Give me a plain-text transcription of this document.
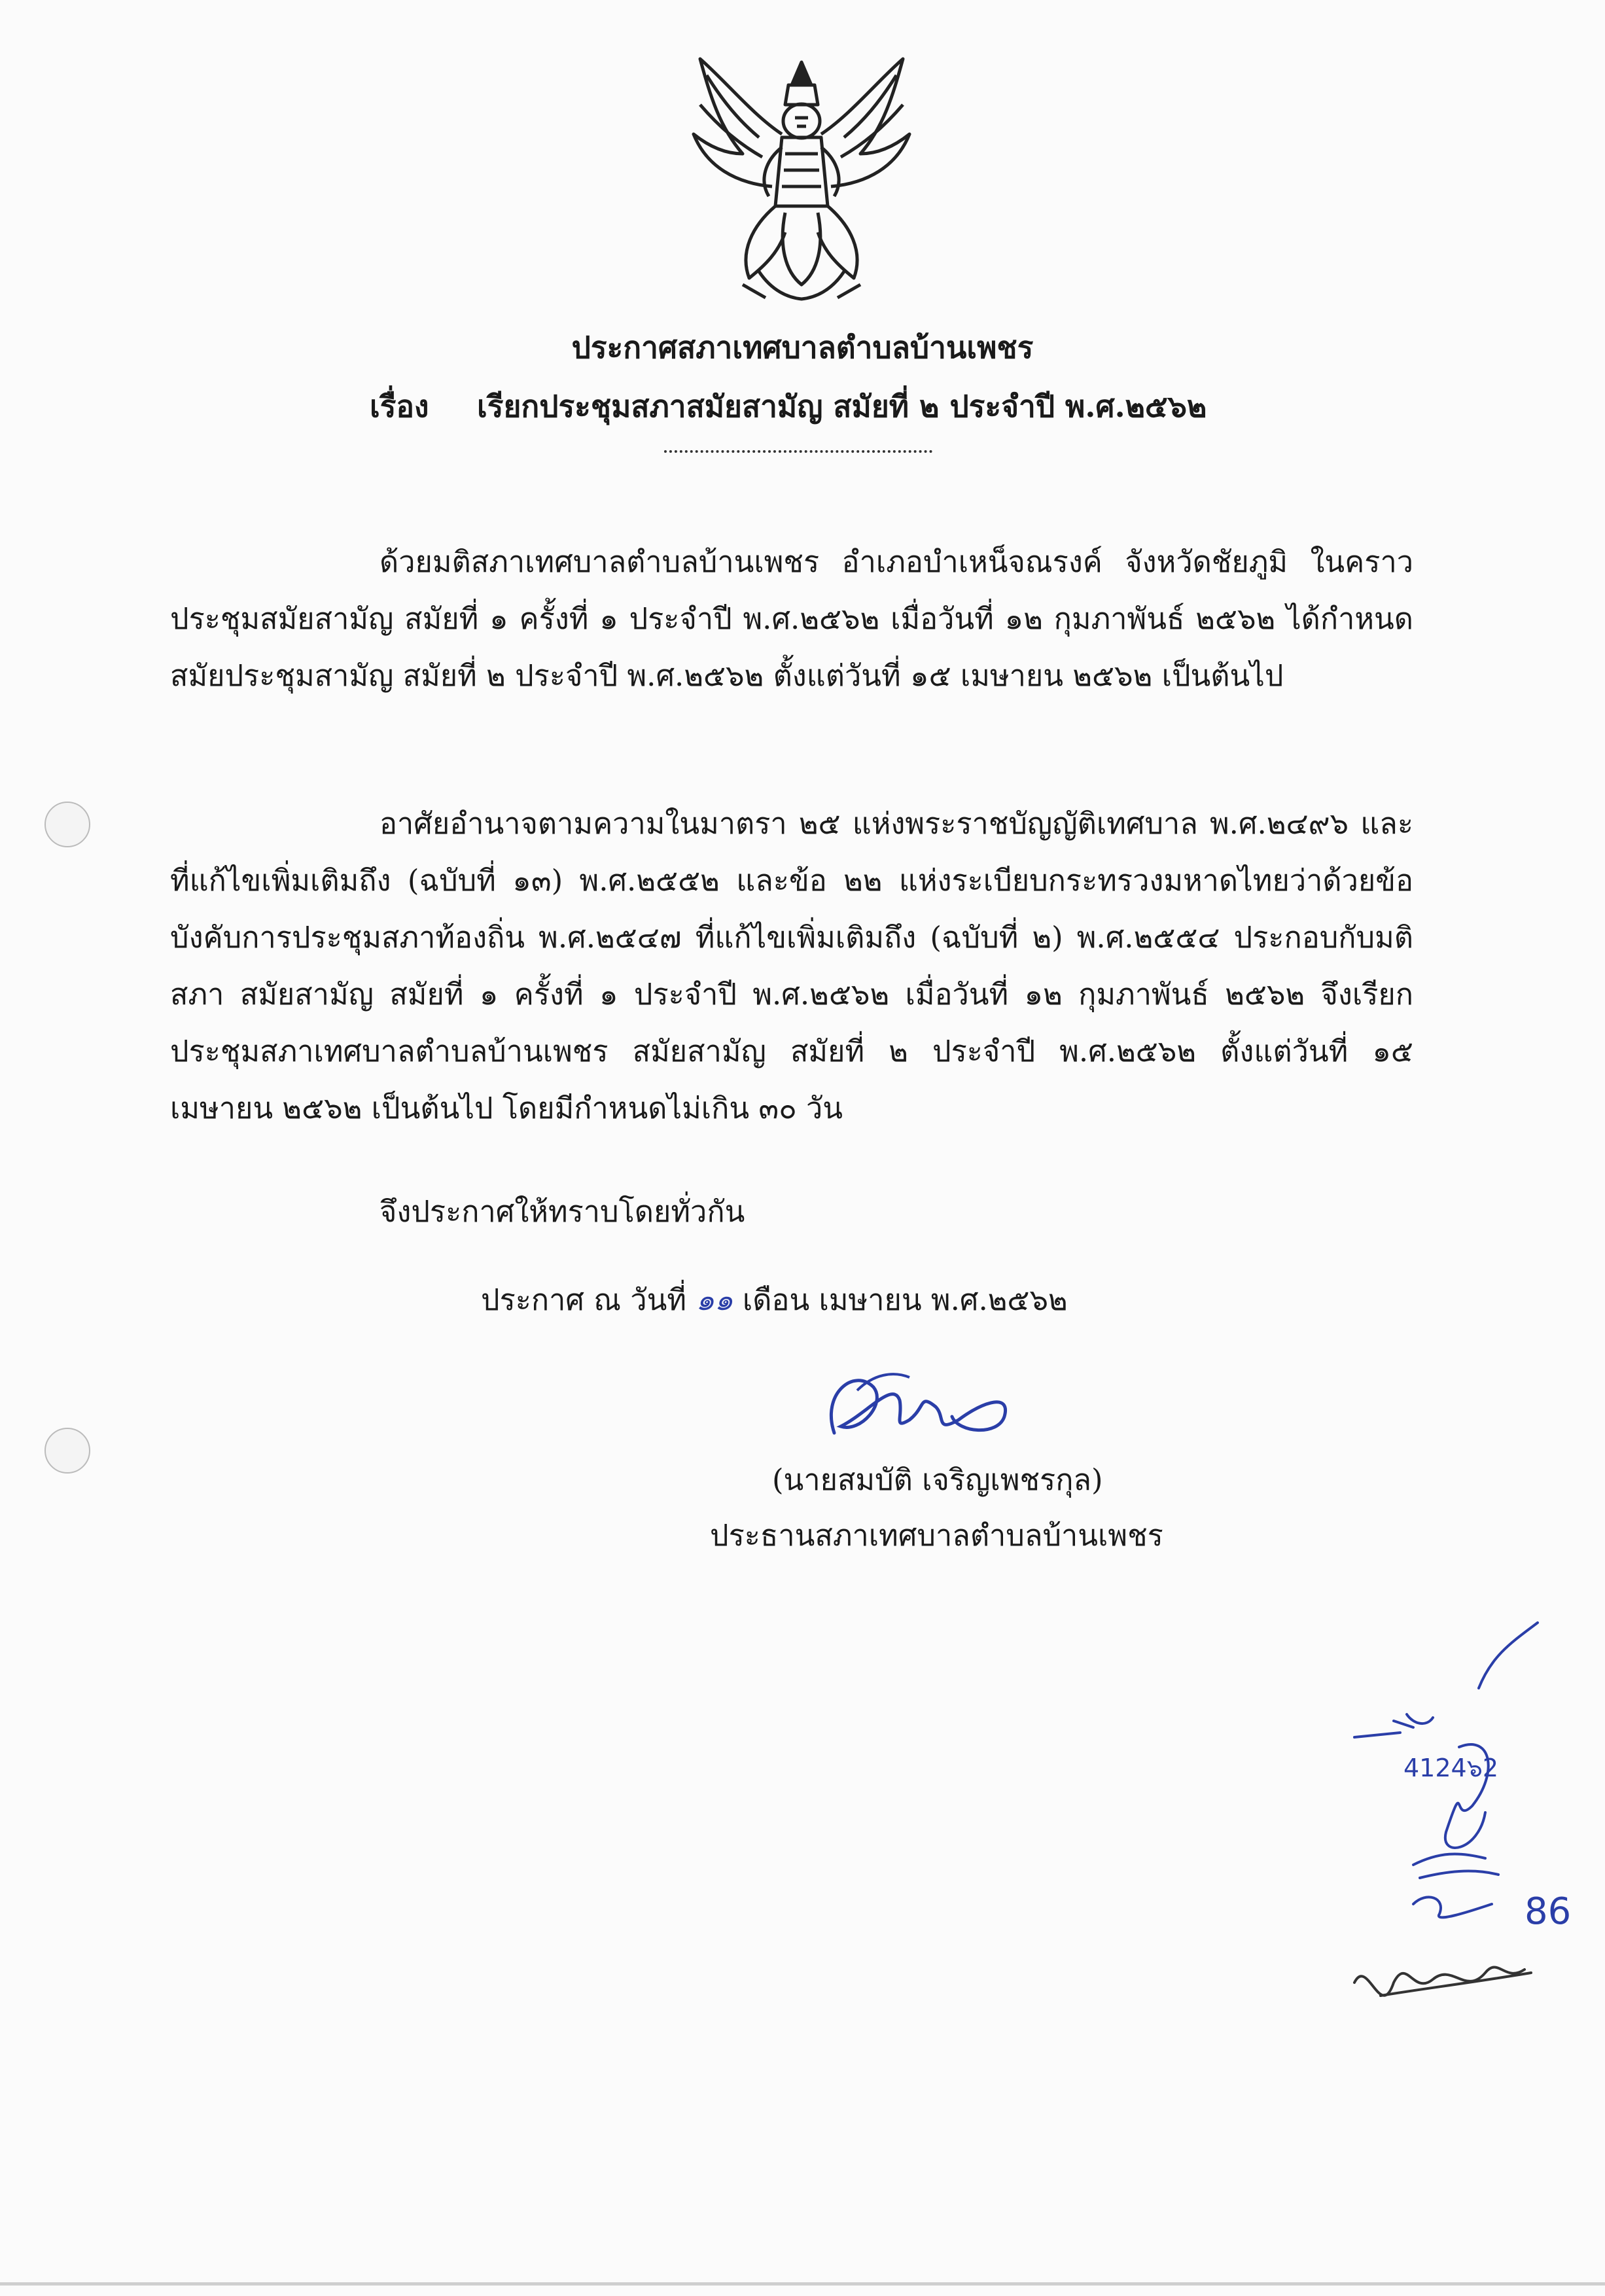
ประกาศสภาเทศบาลตำบลบ้านเพชร
เรื่อง เรียกประชุมสภาสมัยสามัญ สมัยที่ ๒ ประจำปี พ.ศ.๒๕๖๒

ด้วยมติสภาเทศบาลตำบลบ้านเพชร อำเภอบำเหน็จณรงค์ จังหวัดชัยภูมิ ในคราวประชุมสมัยสามัญ สมัยที่ ๑ ครั้งที่ ๑ ประจำปี พ.ศ.๒๕๖๒ เมื่อวันที่ ๑๒ กุมภาพันธ์ ๒๕๖๒ ได้กำหนดสมัยประชุมสามัญ สมัยที่ ๒ ประจำปี พ.ศ.๒๕๖๒ ตั้งแต่วันที่ ๑๕ เมษายน ๒๕๖๒ เป็นต้นไป

อาศัยอำนาจตามความในมาตรา ๒๕ แห่งพระราชบัญญัติเทศบาล พ.ศ.๒๔๙๖ และที่แก้ไขเพิ่มเติมถึง (ฉบับที่ ๑๓) พ.ศ.๒๕๕๒ และข้อ ๒๒ แห่งระเบียบกระทรวงมหาดไทยว่าด้วยข้อบังคับการประชุมสภาท้องถิ่น พ.ศ.๒๕๔๗ ที่แก้ไขเพิ่มเติมถึง (ฉบับที่ ๒) พ.ศ.๒๕๕๔ ประกอบกับมติสภา สมัยสามัญ สมัยที่ ๑ ครั้งที่ ๑ ประจำปี พ.ศ.๒๕๖๒ เมื่อวันที่ ๑๒ กุมภาพันธ์ ๒๕๖๒ จึงเรียกประชุมสภาเทศบาลตำบลบ้านเพชร สมัยสามัญ สมัยที่ ๒ ประจำปี พ.ศ.๒๕๖๒ ตั้งแต่วันที่ ๑๕ เมษายน ๒๕๖๒ เป็นต้นไป โดยมีกำหนดไม่เกิน ๓๐ วัน

จึงประกาศให้ทราบโดยทั่วกัน

ประกาศ ณ วันที่ ๑๑ เดือน เมษายน พ.ศ.๒๕๖๒
(นายสมบัติ เจริญเพชรกุล)
ประธานสภาเทศบาลตำบลบ้านเพชร
4124๖2
86
